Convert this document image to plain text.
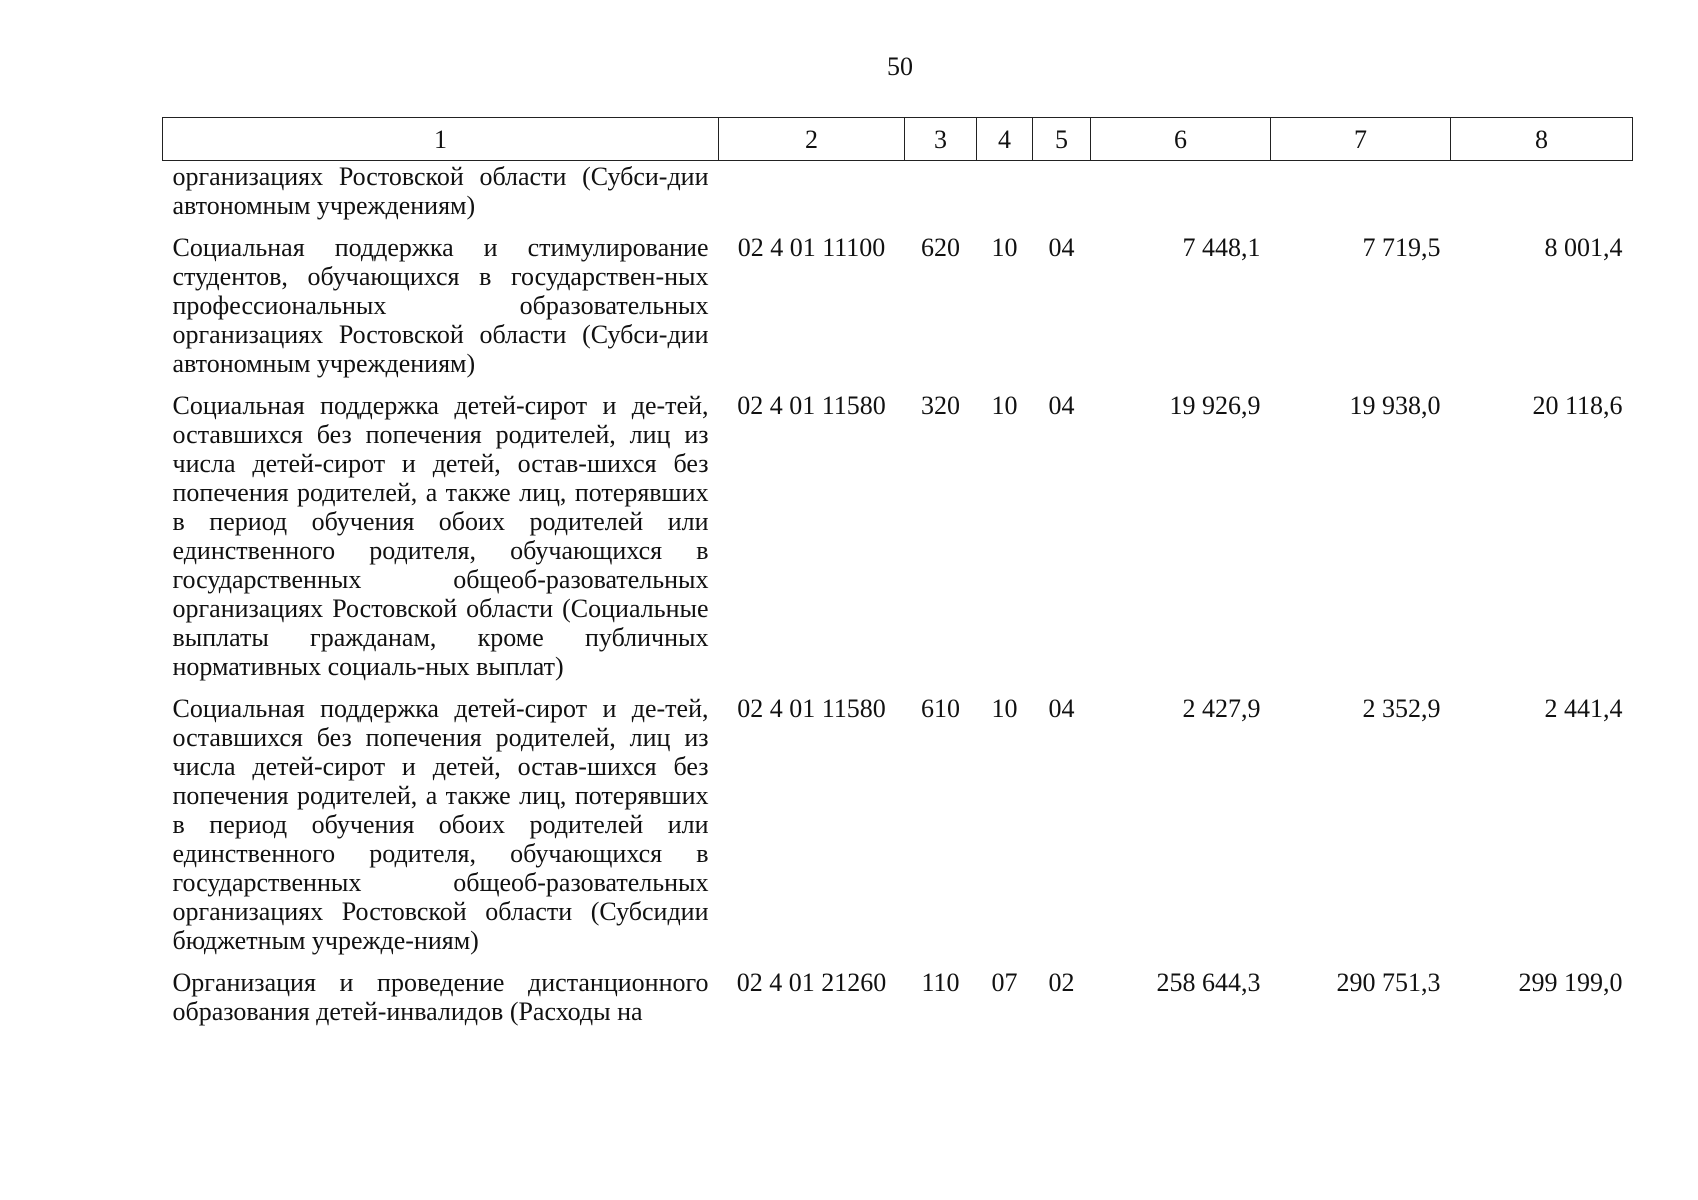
50
1	2	3	4	5	6	7	8
организациях Ростовской области (Субси-дии автономным учреждениям)							
Социальная поддержка и стимулирование студентов, обучающихся в государствен-ных профессиональных образовательных организациях Ростовской области (Субси-дии автономным учреждениям)	02 4 01 11100	620	10	04	7 448,1	7 719,5	8 001,4
Социальная поддержка детей-сирот и де-тей, оставшихся без попечения родителей, лиц из числа детей-сирот и детей, остав-шихся без попечения родителей, а также лиц, потерявших в период обучения обоих родителей или единственного родителя, обучающихся в государственных общеоб-разовательных организациях Ростовской области (Социальные выплаты гражданам, кроме публичных нормативных социаль-ных выплат)	02 4 01 11580	320	10	04	19 926,9	19 938,0	20 118,6
Социальная поддержка детей-сирот и де-тей, оставшихся без попечения родителей, лиц из числа детей-сирот и детей, остав-шихся без попечения родителей, а также лиц, потерявших в период обучения обоих родителей или единственного родителя, обучающихся в государственных общеоб-разовательных организациях Ростовской области (Субсидии бюджетным учрежде-ниям)	02 4 01 11580	610	10	04	2 427,9	2 352,9	2 441,4
Организация и проведение дистанционного образования детей-инвалидов (Расходы на	02 4 01 21260	110	07	02	258 644,3	290 751,3	299 199,0
